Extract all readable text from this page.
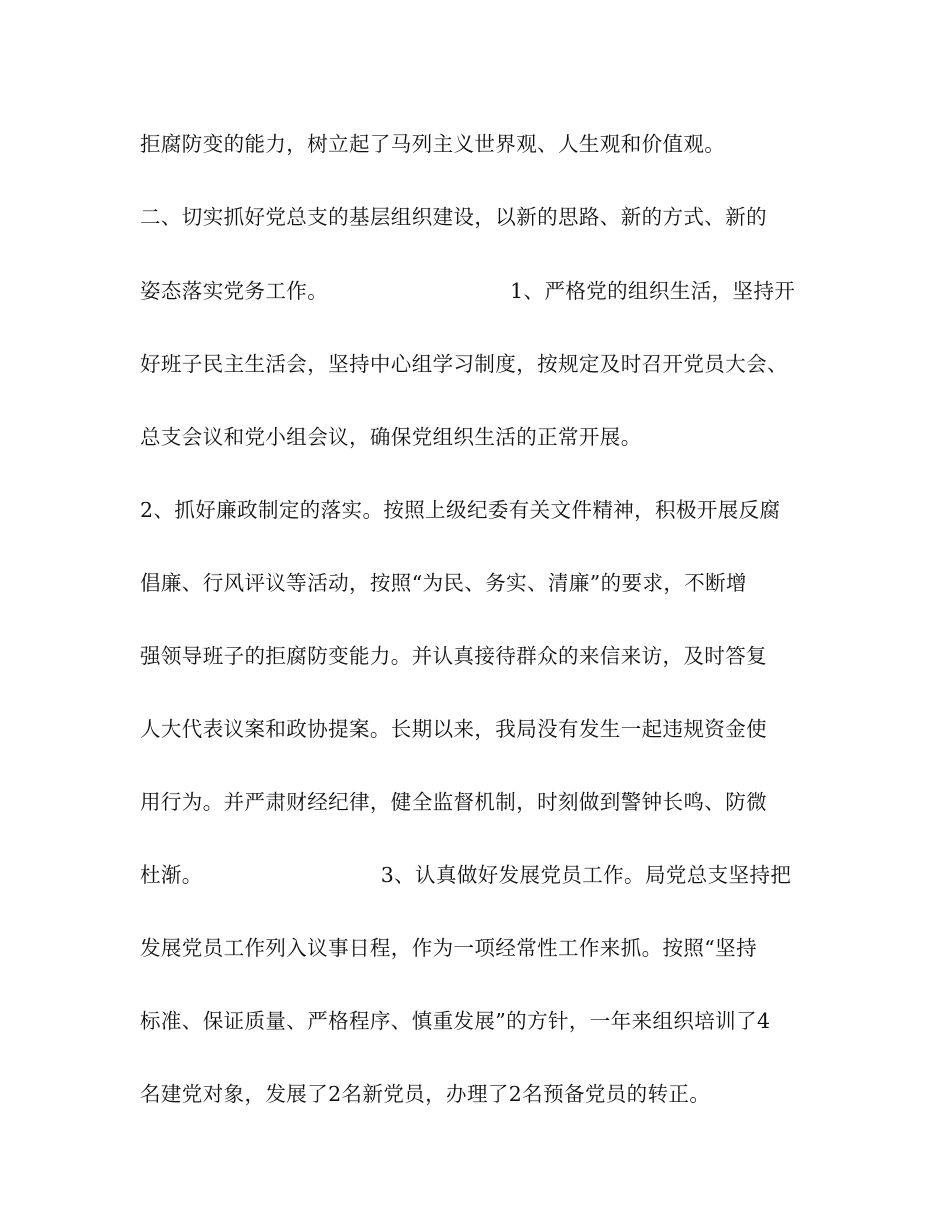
拒腐防变的能力，树立起了马列主义世界观、人生观和价值观。
二、切实抓好党总支的基层组织建设，以新的思路、新的方式、新的
姿态落实党务工作。	1、严格党的组织生活，坚持开
好班子民主生活会，坚持中心组学习制度，按规定及时召开党员大会、
总支会议和党小组会议，确保党组织生活的正常开展。
2、抓好廉政制定的落实。按照上级纪委有关文件精神，积极开展反腐
倡廉、行风评议等活动，按照“为民、务实、清廉”的要求，不断增
强领导班子的拒腐防变能力。并认真接待群众的来信来访，及时答复
人大代表议案和政协提案。长期以来，我局没有发生一起违规资金使
用行为。并严肃财经纪律，健全监督机制，时刻做到警钟长鸣、防微
杜渐。	3、认真做好发展党员工作。局党总支坚持把
发展党员工作列入议事日程，作为一项经常性工作来抓。按照“坚持
标准、保证质量、严格程序、慎重发展”的方针，一年来组织培训了4
名建党对象，发展了2名新党员，办理了2名预备党员的转正。
